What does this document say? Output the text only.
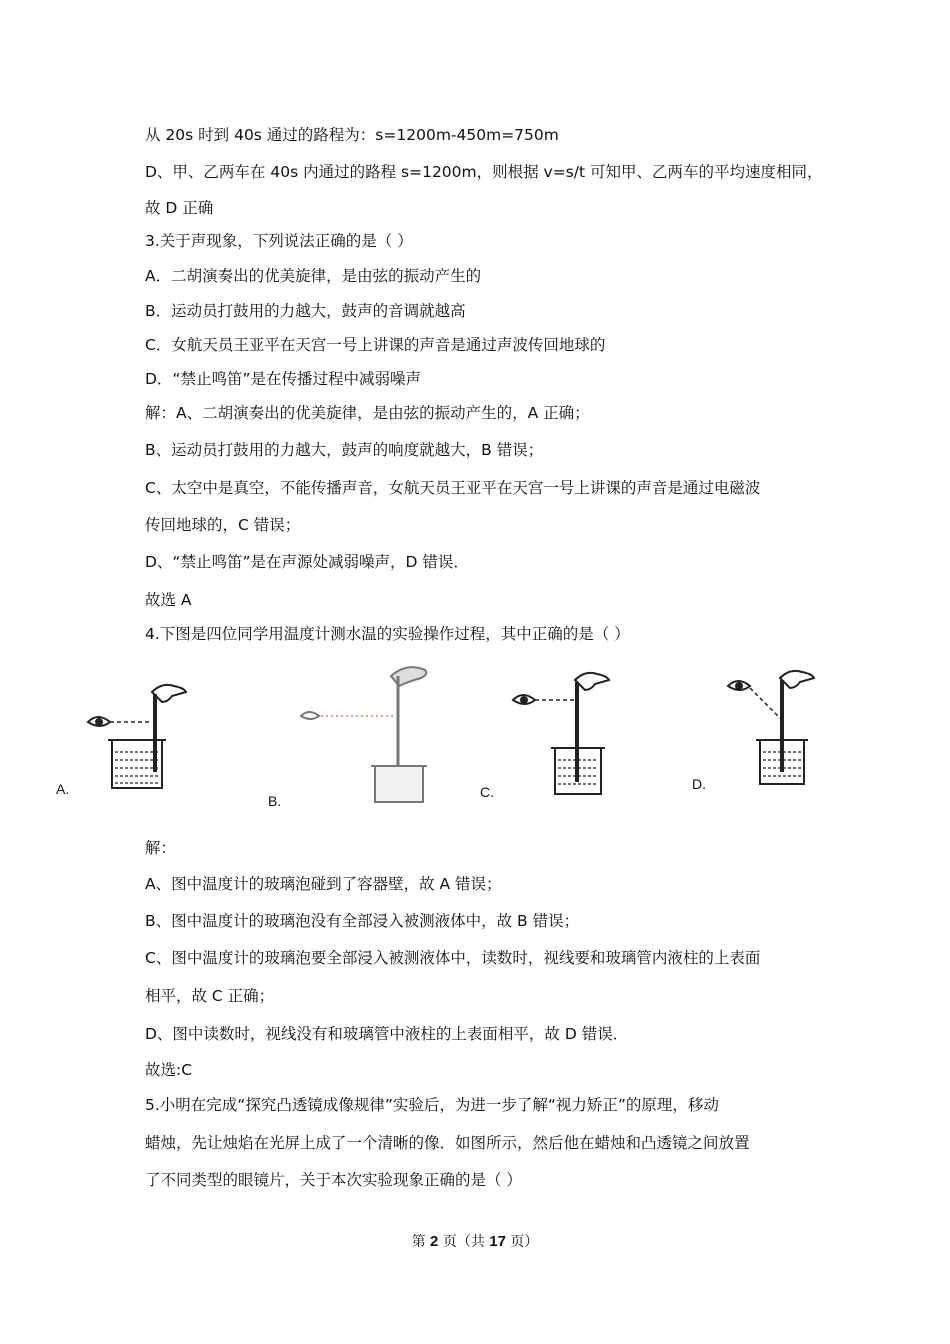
从 20s 时到 40s 通过的路程为：s=1200m-450m=750m
D、甲、乙两车在 40s 内通过的路程 s=1200m，则根据 v=s/t 可知甲、乙两车的平均速度相同，
故 D 正确
3.关于声现象，下列说法正确的是（ ）
A．二胡演奏出的优美旋律，是由弦的振动产生的
B．运动员打鼓用的力越大，鼓声的音调就越高
C．女航天员王亚平在天宫一号上讲课的声音是通过声波传回地球的
D．“禁止鸣笛”是在传播过程中减弱噪声
解：A、二胡演奏出的优美旋律，是由弦的振动产生的，A 正确；
B、运动员打鼓用的力越大，鼓声的响度就越大，B 错误；
C、太空中是真空，不能传播声音，女航天员王亚平在天宫一号上讲课的声音是通过电磁波
传回地球的，C 错误；
D、“禁止鸣笛”是在声源处减弱噪声，D 错误．
故选 A
4.下图是四位同学用温度计测水温的实验操作过程，其中正确的是（ ）
A.
B.
C.	D.
解：
A、图中温度计的玻璃泡碰到了容器壁，故 A 错误；
B、图中温度计的玻璃泡没有全部浸入被测液体中，故 B 错误；
C、图中温度计的玻璃泡要全部浸入被测液体中，读数时，视线要和玻璃管内液柱的上表面
相平，故 C 正确；
D、图中读数时，视线没有和玻璃管中液柱的上表面相平，故 D 错误．
故选:C
5.小明在完成“探究凸透镜成像规律”实验后，为进一步了解“视力矫正”的原理，移动
蜡烛，先让烛焰在光屏上成了一个清晰的像．如图所示，然后他在蜡烛和凸透镜之间放置
了不同类型的眼镜片，关于本次实验现象正确的是（ ）
第 2 页（共 17 页）
